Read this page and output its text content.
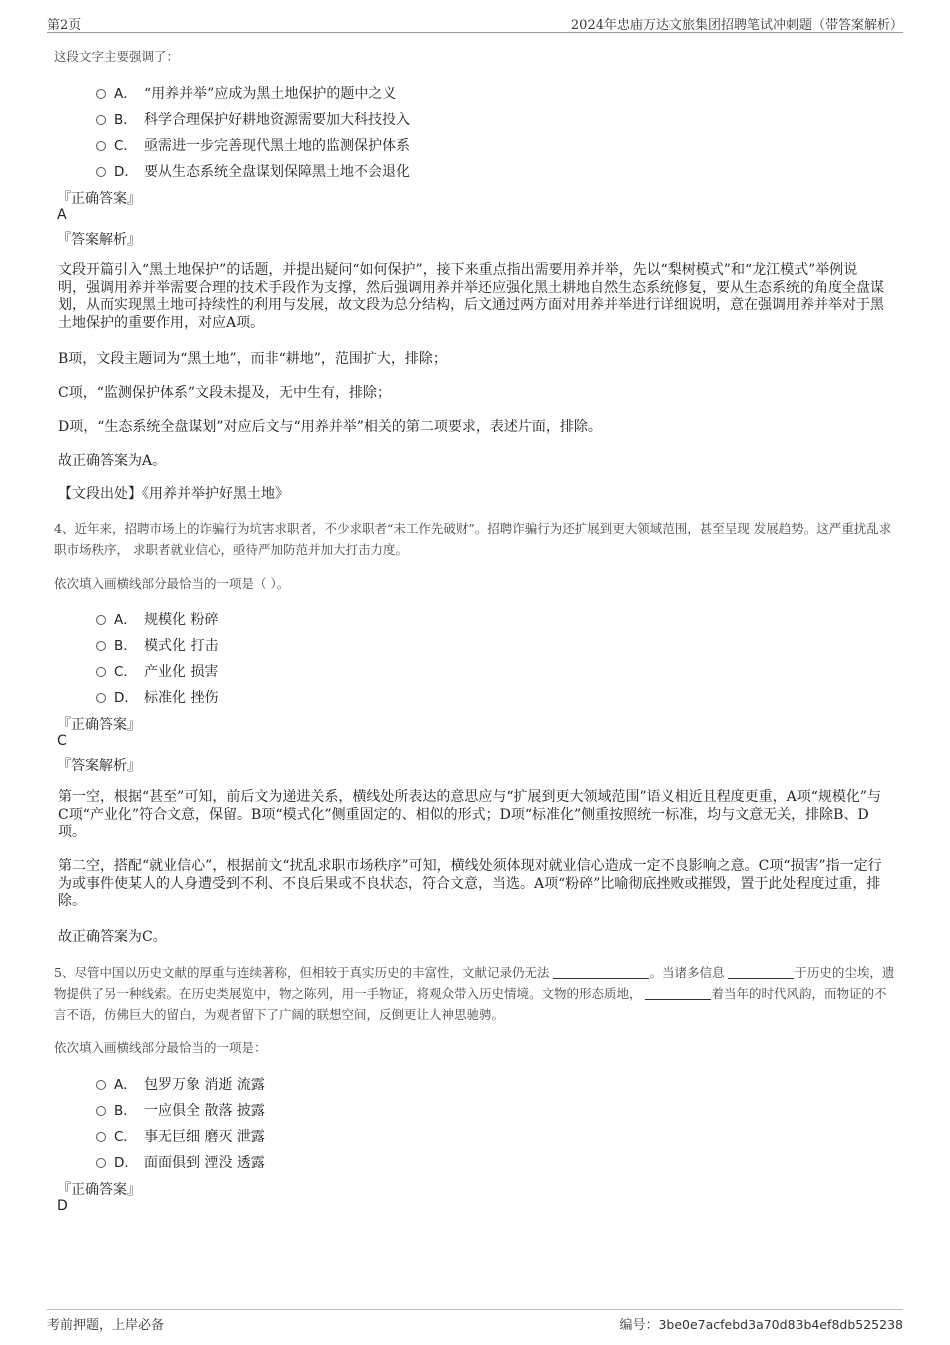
第2页	2024年忠庙万达文旅集团招聘笔试冲刺题（带答案解析）
这段文字主要强调了：
A． “用养并举”应成为黑土地保护的题中之义
B． 科学合理保护好耕地资源需要加大科技投入
C． 亟需进一步完善现代黑土地的监测保护体系
D． 要从生态系统全盘谋划保障黑土地不会退化
『正确答案』
A
『答案解析』
文段开篇引入“黑土地保护”的话题，并提出疑问“如何保护”，接下来重点指出需要用养并举，先以“梨树模式”和“龙江模式”举例说明，强调用养并举需要合理的技术手段作为支撑，然后强调用养并举还应强化黑土耕地自然生态系统修复，要从生态系统的角度全盘谋划，从而实现黑土地可持续性的利用与发展，故文段为总分结构，后文通过两方面对用养并举进行详细说明，意在强调用养并举对于黑土地保护的重要作用，对应A项。
B项，文段主题词为“黑土地”，而非“耕地”，范围扩大，排除；
C项，“监测保护体系”文段未提及，无中生有，排除；
D项，“生态系统全盘谋划”对应后文与“用养并举”相关的第二项要求，表述片面，排除。
故正确答案为A。
【文段出处】《用养并举护好黑土地》
4、近年来，招聘市场上的诈骗行为坑害求职者，不少求职者“未工作先破财”。招聘诈骗行为还扩展到更大领域范围，甚至呈现 发展趋势。这严重扰乱求职市场秩序， 求职者就业信心，亟待严加防范并加大打击力度。
依次填入画横线部分最恰当的一项是（ ）。
A． 规模化 粉碎
B． 模式化 打击
C． 产业化 损害
D． 标准化 挫伤
『正确答案』
C
『答案解析』
第一空，根据“甚至”可知，前后文为递进关系，横线处所表达的意思应与“扩展到更大领域范围”语义相近且程度更重，A项“规模化”与C项“产业化”符合文意，保留。B项“模式化”侧重固定的、相似的形式；D项“标准化”侧重按照统一标准，均与文意无关，排除B、D项。
第二空，搭配“就业信心”，根据前文“扰乱求职市场秩序”可知，横线处须体现对就业信心造成一定不良影响之意。C项“损害”指一定行为或事件使某人的人身遭受到不利、不良后果或不良状态，符合文意，当选。A项“粉碎”比喻彻底挫败或摧毁，置于此处程度过重，排除。
故正确答案为C。
5、尽管中国以历史文献的厚重与连续著称，但相较于真实历史的丰富性，文献记录仍无法	。当诸多信息	于历史的尘埃，遗物提供了另一种线索。在历史类展览中，物之陈列，用一手物证，将观众带入历史情境。文物的形态质地，	着当年的时代风韵，而物证的不言不语，仿佛巨大的留白，为观者留下了广阔的联想空间，反倒更让人神思驰骋。
依次填入画横线部分最恰当的一项是：
A． 包罗万象 消逝 流露
B． 一应俱全 散落 披露
C． 事无巨细 磨灭 泄露
D． 面面俱到 湮没 透露
『正确答案』
D
考前押题，上岸必备	编号：3be0e7acfebd3a70d83b4ef8db525238
